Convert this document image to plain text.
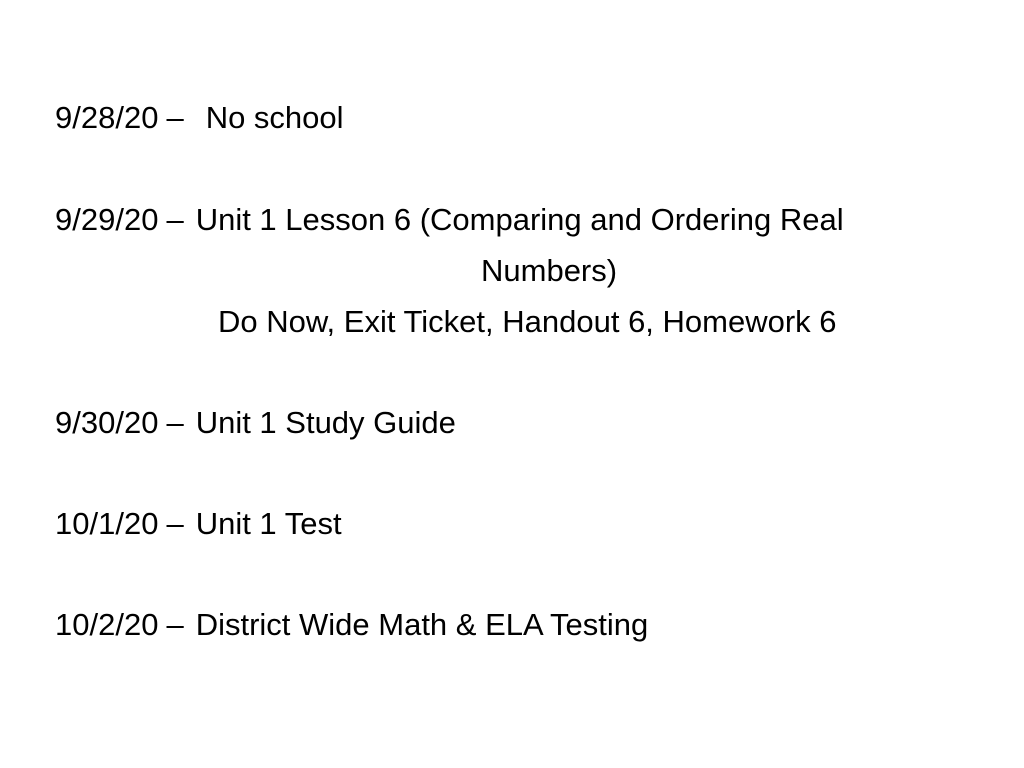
9/28/20 – No school
9/29/20 – Unit 1 Lesson 6 (Comparing and Ordering Real
Numbers)
Do Now, Exit Ticket, Handout 6, Homework 6
9/30/20 – Unit 1 Study Guide
10/1/20 – Unit 1 Test
10/2/20 – District Wide Math & ELA Testing
